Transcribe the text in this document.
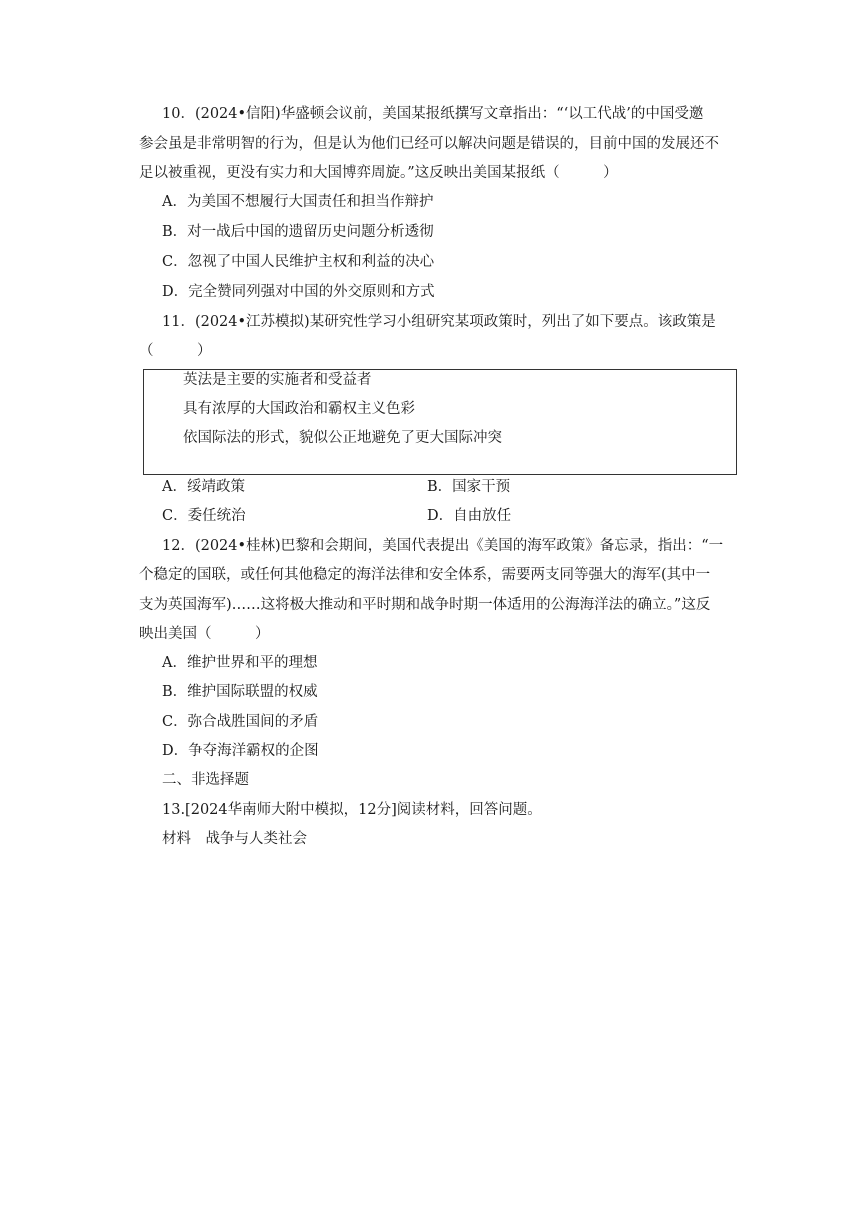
10．(2024•信阳)华盛顿会议前，美国某报纸撰写文章指出：“‘以工代战’的中国受邀
参会虽是非常明智的行为，但是认为他们已经可以解决问题是错误的，目前中国的发展还不
足以被重视，更没有实力和大国博弈周旋。”这反映出美国某报纸（　　　）
A．为美国不想履行大国责任和担当作辩护
B．对一战后中国的遗留历史问题分析透彻
C．忽视了中国人民维护主权和利益的决心
D．完全赞同列强对中国的外交原则和方式
11．(2024•江苏模拟)某研究性学习小组研究某项政策时，列出了如下要点。该政策是
（　　　）
英法是主要的实施者和受益者
具有浓厚的大国政治和霸权主义色彩
依国际法的形式，貌似公正地避免了更大国际冲突
A．绥靖政策	B．国家干预
C．委任统治	D．自由放任
12．(2024•桂林)巴黎和会期间，美国代表提出《美国的海军政策》备忘录，指出：“一
个稳定的国联，或任何其他稳定的海洋法律和安全体系，需要两支同等强大的海军(其中一
支为英国海军)……这将极大推动和平时期和战争时期一体适用的公海海洋法的确立。”这反
映出美国（　　　）
A．维护世界和平的理想
B．维护国际联盟的权威
C．弥合战胜国间的矛盾
D．争夺海洋霸权的企图
二、非选择题
13.[2024华南师大附中模拟，12分]阅读材料，回答问题。
材料　战争与人类社会
